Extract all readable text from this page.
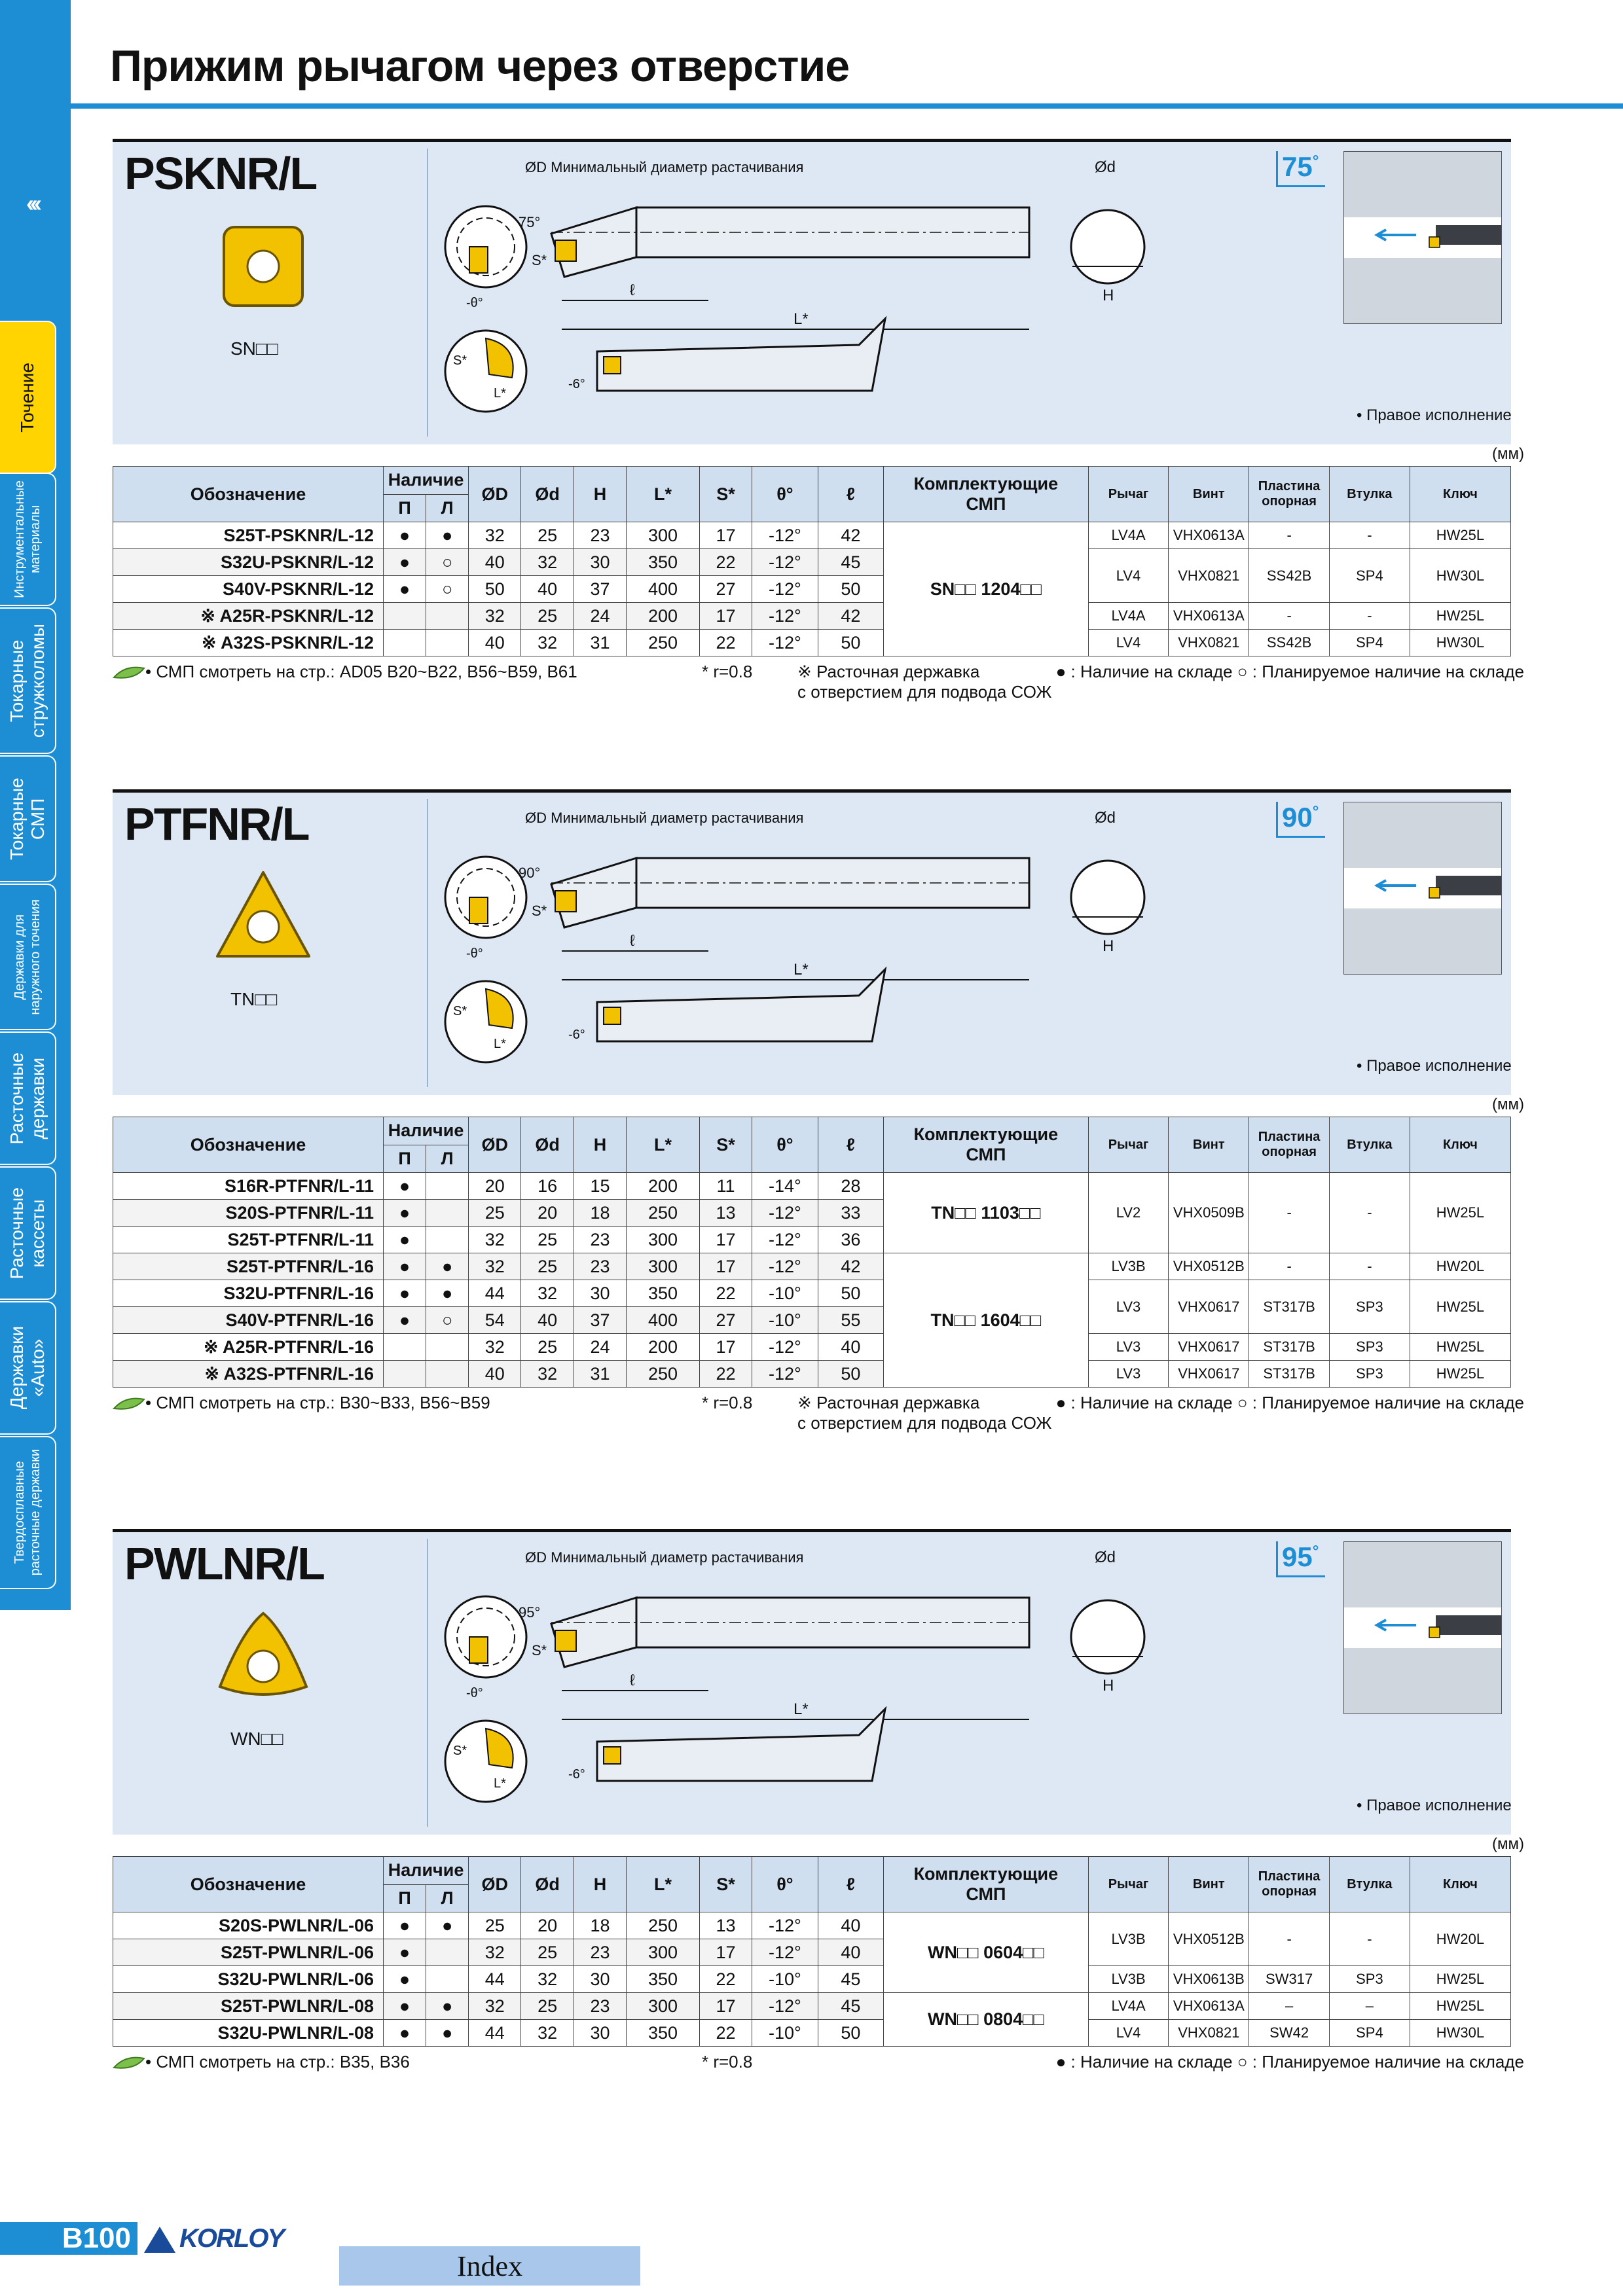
‹‹‹
Точение
Инструментальные
материалы
Токарные
стружколомы
Токарные СМП
Державки для
наружного точения
Расточные
державки
Расточные
кассеты
Державки
«Auto»
Твердосплавные
расточные державки
Прижим рычагом через отверстие
PSKNR/L
SN□□
ØD Минимальный диаметр растачивания
-θ°
75°
S*
ℓ
L*
Ød
H
S*
L*
-6°
75°
• Правое исполнение
(мм)
Обозначение	Наличие		ØD	Ød	H	L*	S*	θ°	ℓ	Комплектующие
СМП	Рычаг	Винт	Пластина опорная	Втулка	Ключ
	П	Л													
S25T-PSKNR/L-12	●	●	32	25	23	300	17	-12°	42	SN□□ 1204□□	LV4A	VHX0613A	-	-	HW25L
S32U-PSKNR/L-12	●	○	40	32	30	350	22	-12°	45		LV4	VHX0821	SS42B	SP4	HW30L
S40V-PSKNR/L-12	●	○	50	40	37	400	27	-12°	50						
※ A25R-PSKNR/L-12			32	25	24	200	17	-12°	42		LV4A	VHX0613A	-	-	HW25L
※ A32S-PSKNR/L-12			40	32	31	250	22	-12°	50		LV4	VHX0821	SS42B	SP4	HW30L
• СМП смотреть на стр.: AD05 B20~B22, B56~B59, B61	* r=0.8	※ Расточная державка
с отверстием для подвода СОЖ
● : Наличие на складе ○ : Планируемое наличие на складе
PTFNR/L
TN□□
ØD Минимальный диаметр растачивания
-θ°
90°
S*
ℓ
L*
Ød
H
S*
L*
-6°
90°
• Правое исполнение
(мм)
Обозначение	Наличие		ØD	Ød	H	L*	S*	θ°	ℓ	Комплектующие
СМП	Рычаг	Винт	Пластина опорная	Втулка	Ключ
	П	Л													
S16R-PTFNR/L-11	●		20	16	15	200	11	-14°	28	TN□□ 1103□□	LV2	VHX0509B	-	-	HW25L
S20S-PTFNR/L-11	●		25	20	18	250	13	-12°	33						
S25T-PTFNR/L-11	●		32	25	23	300	17	-12°	36						
S25T-PTFNR/L-16	●	●	32	25	23	300	17	-12°	42	TN□□ 1604□□	LV3B	VHX0512B	-	-	HW20L
S32U-PTFNR/L-16	●	●	44	32	30	350	22	-10°	50		LV3	VHX0617	ST317B	SP3	HW25L
S40V-PTFNR/L-16	●	○	54	40	37	400	27	-10°	55						
※ A25R-PTFNR/L-16			32	25	24	200	17	-12°	40		LV3	VHX0617	ST317B	SP3	HW25L
※ A32S-PTFNR/L-16			40	32	31	250	22	-12°	50		LV3	VHX0617	ST317B	SP3	HW25L
• СМП смотреть на стр.: B30~B33, B56~B59	* r=0.8	※ Расточная державка
с отверстием для подвода СОЖ
● : Наличие на складе ○ : Планируемое наличие на складе
PWLNR/L
WN□□
ØD Минимальный диаметр растачивания
-θ°
95°
S*
ℓ
L*
Ød
H
S*
L*
-6°
95°
• Правое исполнение
(мм)
Обозначение	Наличие		ØD	Ød	H	L*	S*	θ°	ℓ	Комплектующие
СМП	Рычаг	Винт	Пластина опорная	Втулка	Ключ
	П	Л													
S20S-PWLNR/L-06	●	●	25	20	18	250	13	-12°	40	WN□□ 0604□□	LV3B	VHX0512B	-	-	HW20L
S25T-PWLNR/L-06	●		32	25	23	300	17	-12°	40						
S32U-PWLNR/L-06	●		44	32	30	350	22	-10°	45		LV3B	VHX0613B	SW317	SP3	HW25L
S25T-PWLNR/L-08	●	●	32	25	23	300	17	-12°	45	WN□□ 0804□□	LV4A	VHX0613A	–	–	HW25L
S32U-PWLNR/L-08	●	●	44	32	30	350	22	-10°	50		LV4	VHX0821	SW42	SP4	HW30L
• СМП смотреть на стр.: B35, B36	* r=0.8	● : Наличие на складе ○ : Планируемое наличие на складе
B100	KORLOY
Index
